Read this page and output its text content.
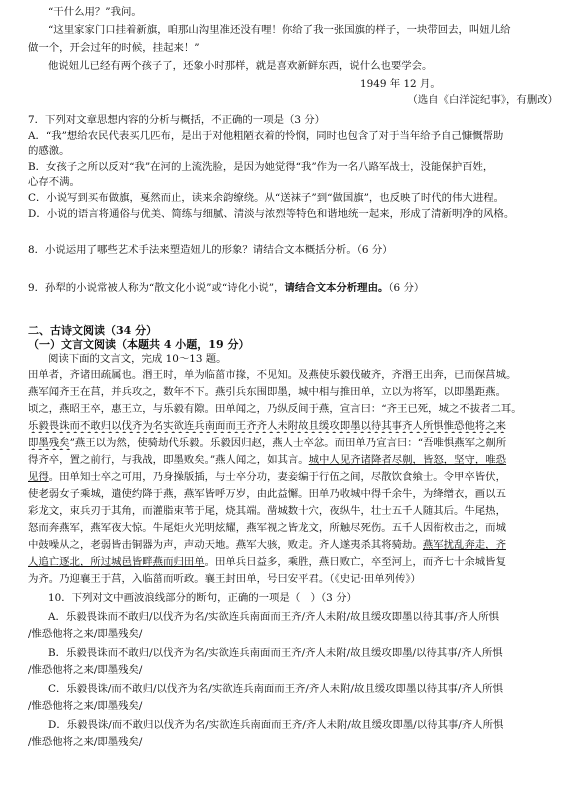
“干什么用？”我问。
“这里家家门口挂着新旗，咱那山沟里准还没有哩！你给了我一张国旗的样子，一块带回去，叫妞儿给
做一个，开会过年的时候，挂起来！”
他说妞儿已经有两个孩子了，还象小时那样，就是喜欢新鲜东西，说什么也要学会。
1949 年 12 月。
（选自《白洋淀纪事》，有删改）
7．下列对文章思想内容的分析与概括，不正确的一项是（3 分）
A．“我”想给农民代表买几匹布，是出于对他粗陋衣着的怜悯，同时也包含了对于当年给予自己慷慨帮助
的感激。
B．女孩子之所以反对“我”在河的上流洗脸，是因为她觉得“我”作为一名八路军战士，没能保护百姓，
心存不满。
C．小说写到买布做旗，戛然而止，读来余韵缭绕。从“送袜子”到“做国旗”，也反映了时代的伟大进程。
D．小说的语言将通俗与优美、简练与细腻、清淡与浓烈等特色和谐地统一起来，形成了清新明净的风格。
8．小说运用了哪些艺术手法来塑造妞儿的形象？请结合文本概括分析。（6 分）
9．孙犁的小说常被人称为“散文化小说”或“诗化小说”，请结合文本分析理由。（6 分）
二、古诗文阅读（34 分）
（一）文言文阅读（本题共 4 小题，19 分）
阅读下面的文言文，完成 10～13 题。
田单者，齐诸田疏属也。湣王时，单为临菑市掾，不见知。及燕使乐毅伐破齐，齐湣王出奔，已而保莒城。
燕军闻齐王在莒，并兵攻之，数年不下。燕引兵东围即墨，城中相与推田单，立以为将军，以即墨距燕。
顷之，燕昭王卒，惠王立，与乐毅有隙。田单闻之，乃纵反间于燕，宣言曰：“齐王已死，城之不拔者二耳。
乐毅畏诛而不敢归以伐齐为名实欲连兵南面而王齐齐人未附故且缓攻即墨以待其事齐人所惧惟恐他将之来
即墨残矣”燕王以为然，使骑劫代乐毅。乐毅因归赵，燕人士卒忿。而田单乃宣言曰：“吾唯惧燕军之劓所
得齐卒，置之前行，与我战，即墨败矣。”燕人闻之，如其言。城中人见齐诸降者尽劓，皆怒，坚守，唯恐
见得。田单知士卒之可用，乃身操版插，与士卒分功，妻妾编于行伍之间，尽散饮食飨士。令甲卒皆伏，
使老弱女子乘城，遣使约降于燕，燕军皆呼万岁，由此益懈。田单乃收城中得千余牛，为绛缯衣，画以五
彩龙文，束兵刃于其角，而灌脂束苇于尾，烧其端。凿城数十穴，夜纵牛，壮士五千人随其后。牛尾热，
怒而奔燕军，燕军夜大惊。牛尾炬火光明炫耀，燕军视之皆龙文，所触尽死伤。五千人因衔枚击之，而城
中鼓噪从之，老弱皆击铜器为声，声动天地。燕军大骇，败走。齐人遂夷杀其将骑劫。燕军扰乱奔走，齐
人追亡逐北，所过城邑皆畔燕而归田单。田单兵日益多，乘胜，燕日败亡，卒至河上，而齐七十余城皆复
为齐。乃迎襄王于莒，入临菑而听政。襄王封田单，号曰安平君。（《史记·田单列传》）
10．下列对文中画波浪线部分的断句，正确的一项是（　）（3 分）
A．乐毅畏诛而不敢归/以伐齐为名/实欲连兵南面而王齐/齐人未附/故且缓攻即墨以待其事/齐人所惧
/惟恐他将之来/即墨残矣/
B．乐毅畏诛而不敢归/以伐齐为名/实欲连兵南面而王齐/齐人未附/故且缓攻即墨/以待其事/齐人所惧
/惟恐他将之来/即墨残矣/
C．乐毅畏诛/而不敢归/以伐齐为名/实欲连兵南面而王齐/齐人未附/故且缓攻即墨以待其事/齐人所惧
/惟恐他将之来/即墨残矣/
D．乐毅畏诛/而不敢归以伐齐为名/实欲连兵南面而王齐/齐人未附/故且缓攻即墨/以待其事/齐人所惧
/惟恐他将之来/即墨残矣/
